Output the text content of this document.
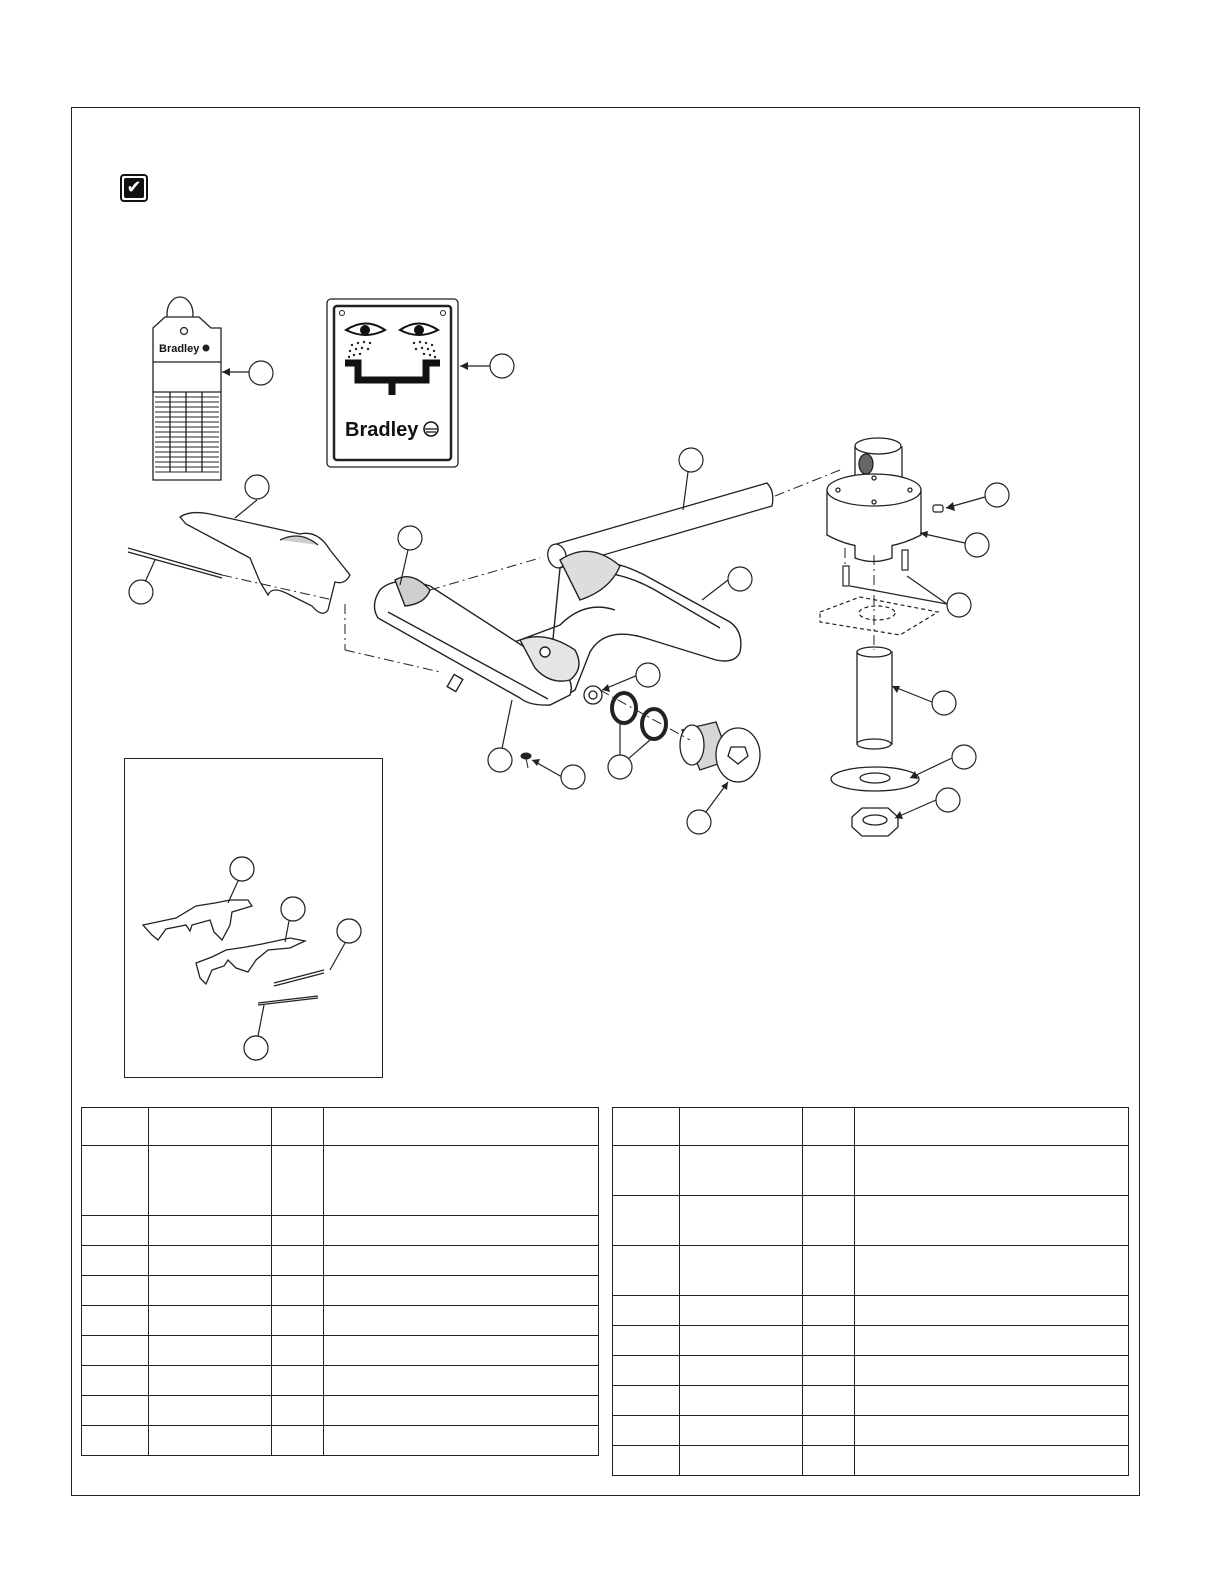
✔
Bradley
Bradley
